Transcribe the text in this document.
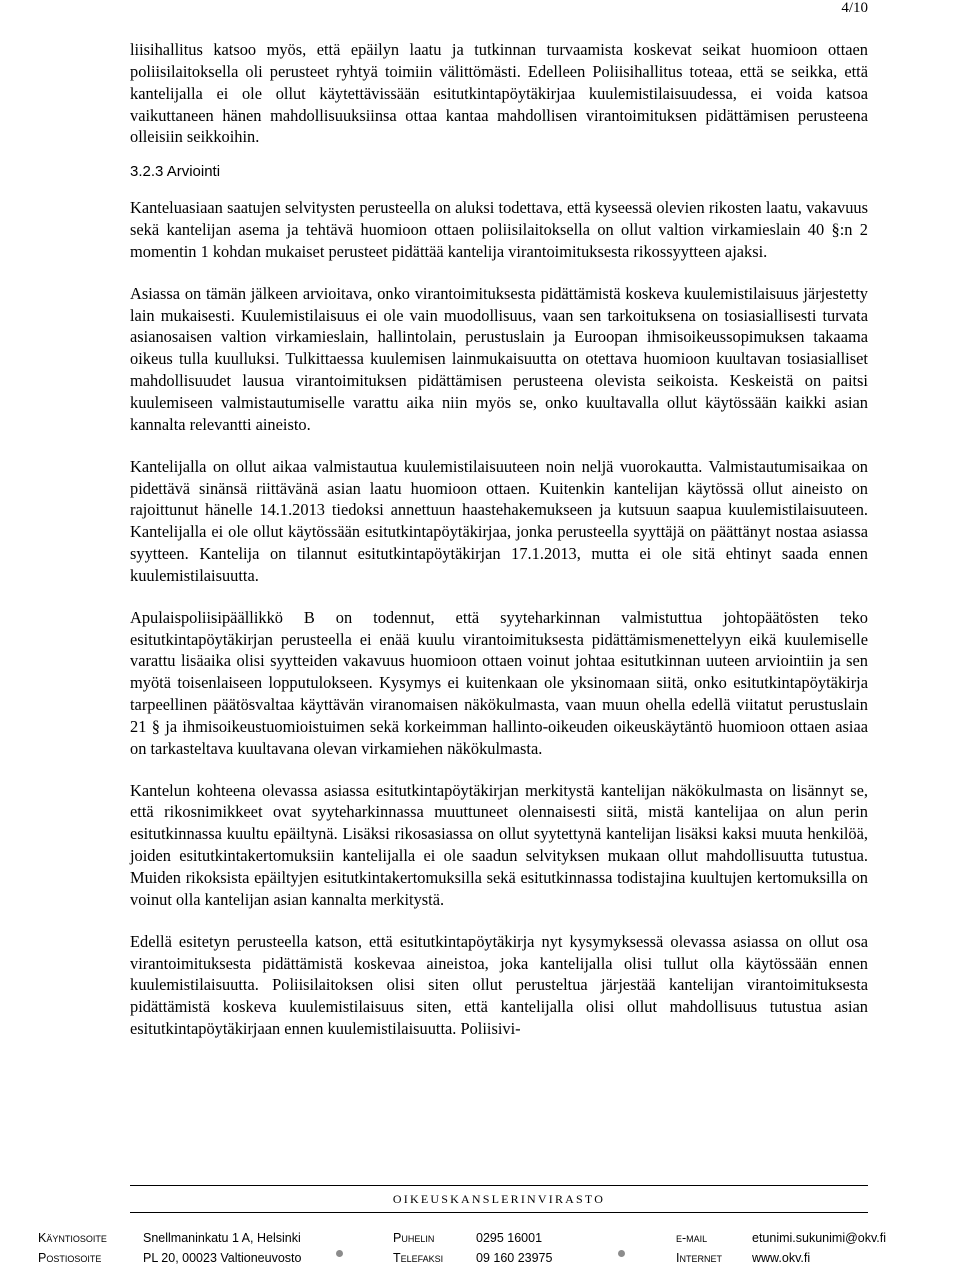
4/10

liisihallitus katsoo myös, että epäilyn laatu ja tutkinnan turvaamista koskevat seikat huomioon ottaen poliisilaitoksella oli perusteet ryhtyä toimiin välittömästi. Edelleen Poliisihallitus toteaa, että se seikka, että kantelijalla ei ole ollut käytettävissään esitutkintapöytäkirjaa kuulemistilaisuudessa, ei voida katsoa vaikuttaneen hänen mahdollisuuksiinsa ottaa kantaa mahdollisen virantoimituksen pidättämisen perusteena olleisiin seikkoihin.

3.2.3 Arviointi

Kanteluasiaan saatujen selvitysten perusteella on aluksi todettava, että kyseessä olevien rikosten laatu, vakavuus sekä kantelijan asema ja tehtävä huomioon ottaen poliisilaitoksella on ollut valtion virkamieslain 40 §:n 2 momentin 1 kohdan mukaiset perusteet pidättää kantelija virantoimituksesta rikossyytteen ajaksi.

Asiassa on tämän jälkeen arvioitava, onko virantoimituksesta pidättämistä koskeva kuulemistilaisuus järjestetty lain mukaisesti. Kuulemistilaisuus ei ole vain muodollisuus, vaan sen tarkoituksena on tosiasiallisesti turvata asianosaisen valtion virkamieslain, hallintolain, perustuslain ja Euroopan ihmisoikeussopimuksen takaama oikeus tulla kuulluksi. Tulkittaessa kuulemisen lainmukaisuutta on otettava huomioon kuultavan tosiasialliset mahdollisuudet lausua virantoimituksen pidättämisen perusteena olevista seikoista. Keskeistä on paitsi kuulemiseen valmistautumiselle varattu aika niin myös se, onko kuultavalla ollut käytössään kaikki asian kannalta relevantti aineisto.

Kantelijalla on ollut aikaa valmistautua kuulemistilaisuuteen noin neljä vuorokautta. Valmistautumisaikaa on pidettävä sinänsä riittävänä asian laatu huomioon ottaen. Kuitenkin kantelijan käytössä ollut aineisto on rajoittunut hänelle 14.1.2013 tiedoksi annettuun haastehakemukseen ja kutsuun saapua kuulemistilaisuuteen. Kantelijalla ei ole ollut käytössään esitutkintapöytäkirjaa, jonka perusteella syyttäjä on päättänyt nostaa asiassa syytteen. Kantelija on tilannut esitutkintapöytäkirjan 17.1.2013, mutta ei ole sitä ehtinyt saada ennen kuulemistilaisuutta.

Apulaispoliisipäällikkö B on todennut, että syyteharkinnan valmistuttua johtopäätösten teko esitutkintapöytäkirjan perusteella ei enää kuulu virantoimituksesta pidättämismenettelyyn eikä kuulemiselle varattu lisäaika olisi syytteiden vakavuus huomioon ottaen voinut johtaa esitutkinnan uuteen arviointiin ja sen myötä toisenlaiseen lopputulokseen. Kysymys ei kuitenkaan ole yksinomaan siitä, onko esitutkintapöytäkirja tarpeellinen päätösvaltaa käyttävän viranomaisen näkökulmasta, vaan muun ohella edellä viitatut perustuslain 21 § ja ihmisoikeustuomioistuimen sekä korkeimman hallinto-oikeuden oikeuskäytäntö huomioon ottaen asiaa on tarkasteltava kuultavana olevan virkamiehen näkökulmasta.

Kantelun kohteena olevassa asiassa esitutkintapöytäkirjan merkitystä kantelijan näkökulmasta on lisännyt se, että rikosnimikkeet ovat syyteharkinnassa muuttuneet olennaisesti siitä, mistä kantelijaa on alun perin esitutkinnassa kuultu epäiltynä. Lisäksi rikosasiassa on ollut syytettynä kantelijan lisäksi kaksi muuta henkilöä, joiden esitutkintakertomuksiin kantelijalla ei ole saadun selvityksen mukaan ollut mahdollisuutta tutustua. Muiden rikoksista epäiltyjen esitutkintakertomuksilla sekä esitutkinnassa todistajina kuultujen kertomuksilla on voinut olla kantelijan asian kannalta merkitystä.

Edellä esitetyn perusteella katson, että esitutkintapöytäkirja nyt kysymyksessä olevassa asiassa on ollut osa virantoimituksesta pidättämistä koskevaa aineistoa, joka kantelijalla olisi tullut olla käytössään ennen kuulemistilaisuutta. Poliisilaitoksen olisi siten ollut perusteltua järjestää kantelijan virantoimituksesta pidättämistä koskeva kuulemistilaisuus siten, että kantelijalla olisi ollut mahdollisuus tutustua asian esitutkintapöytäkirjaan ennen kuulemistilaisuutta. Poliisivi-

OIKEUSKANSLERINVIRASTO
Käyntiosoite	Snellmaninkatu 1 A, Helsinki	Puhelin	0295 16001	e-mail	etunimi.sukunimi@okv.fi
Postiosoite	PL 20, 00023 Valtioneuvosto	Telefaksi	09 160 23975	Internet www.okv.fi
